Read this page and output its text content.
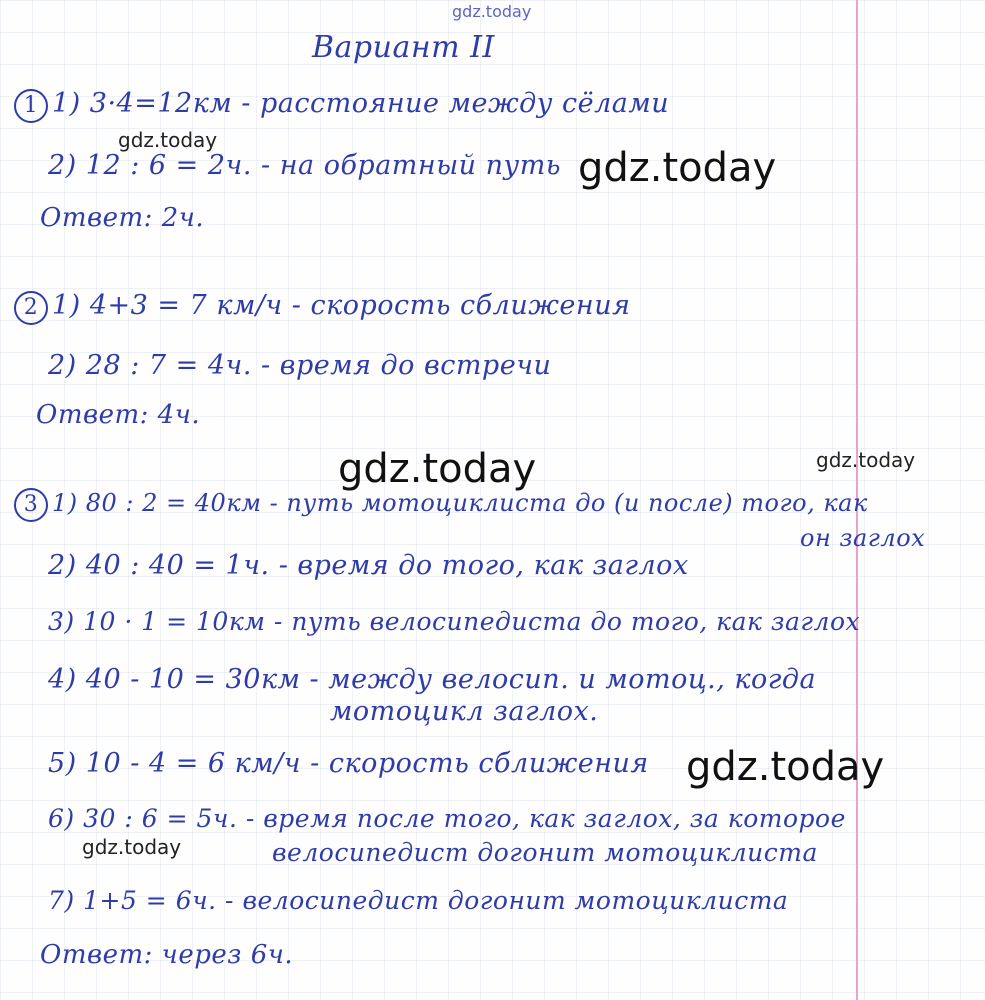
gdz.today
Вариант II
1 1) 3·4=12км - расстояние между сёлами
2) 12 : 6 = 2ч. - на обратный путь
Ответ: 2ч.
2 1) 4+3 = 7 км/ч - скорость сближения
2) 28 : 7 = 4ч. - время до встречи
Ответ: 4ч.
3 1) 80 : 2 = 40км - путь мотоциклиста до (и после) того, как
он заглох
2) 40 : 40 = 1ч. - время до того, как заглох
3) 10 · 1 = 10км - путь велосипедиста до того, как заглох
4) 40 - 10 = 30км - между велосип. и мотоц., когда
мотоцикл заглох.
5) 10 - 4 = 6 км/ч - скорость сближения
6) 30 : 6 = 5ч. - время после того, как заглох, за которое
велосипедист догонит мотоциклиста
7) 1+5 = 6ч. - велосипедист догонит мотоциклиста
Ответ: через 6ч.
gdz.today
gdz.today
gdz.today	gdz.today
gdz.today
gdz.today
